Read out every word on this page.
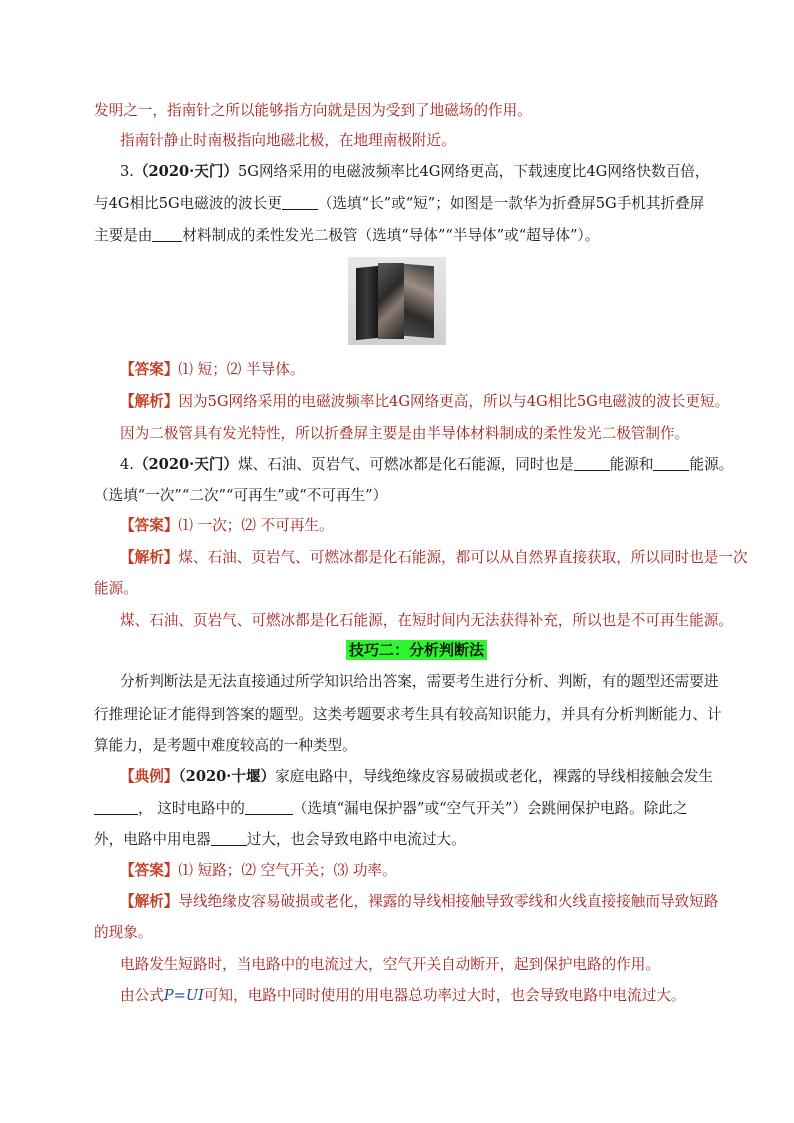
发明之一，指南针之所以能够指方向就是因为受到了地磁场的作用。
指南针静止时南极指向地磁北极，在地理南极附近。
3.（2020·天门）5G网络采用的电磁波频率比4G网络更高，下载速度比4G网络快数百倍，
与4G相比5G电磁波的波长更 （选填“长”或“短”；如图是一款华为折叠屏5G手机其折叠屏
主要是由 材料制成的柔性发光二极管（选填“导体”“半导体”或“超导体”）。
【答案】⑴ 短；⑵ 半导体。
【解析】因为5G网络采用的电磁波频率比4G网络更高，所以与4G相比5G电磁波的波长更短。
因为二极管具有发光特性，所以折叠屏主要是由半导体材料制成的柔性发光二极管制作。
4.（2020·天门）煤、石油、页岩气、可燃冰都是化石能源，同时也是 能源和 能源。
（选填“一次”“二次”“可再生”或“不可再生”）
【答案】⑴ 一次；⑵ 不可再生。
【解析】煤、石油、页岩气、可燃冰都是化石能源，都可以从自然界直接获取，所以同时也是一次
能源。
煤、石油、页岩气、可燃冰都是化石能源，在短时间内无法获得补充，所以也是不可再生能源。
技巧二：分析判断法
分析判断法是无法直接通过所学知识给出答案，需要考生进行分析、判断，有的题型还需要进
行推理论证才能得到答案的题型。这类考题要求考生具有较高知识能力，并具有分析判断能力、计
算能力，是考题中难度较高的一种类型。
【典例】（2020·十堰）家庭电路中，导线绝缘皮容易破损或老化，裸露的导线相接触会发生
， 这时电路中的	（选填“漏电保护器”或“空气开关”）会跳闸保护电路。除此之
外，电路中用电器 过大，也会导致电路中电流过大。
【答案】⑴ 短路；⑵ 空气开关；⑶ 功率。
【解析】导线绝缘皮容易破损或老化，裸露的导线相接触导致零线和火线直接接触而导致短路
的现象。
电路发生短路时，当电路中的电流过大，空气开关自动断开，起到保护电路的作用。
由公式P=UI可知，电路中同时使用的用电器总功率过大时，也会导致电路中电流过大。
